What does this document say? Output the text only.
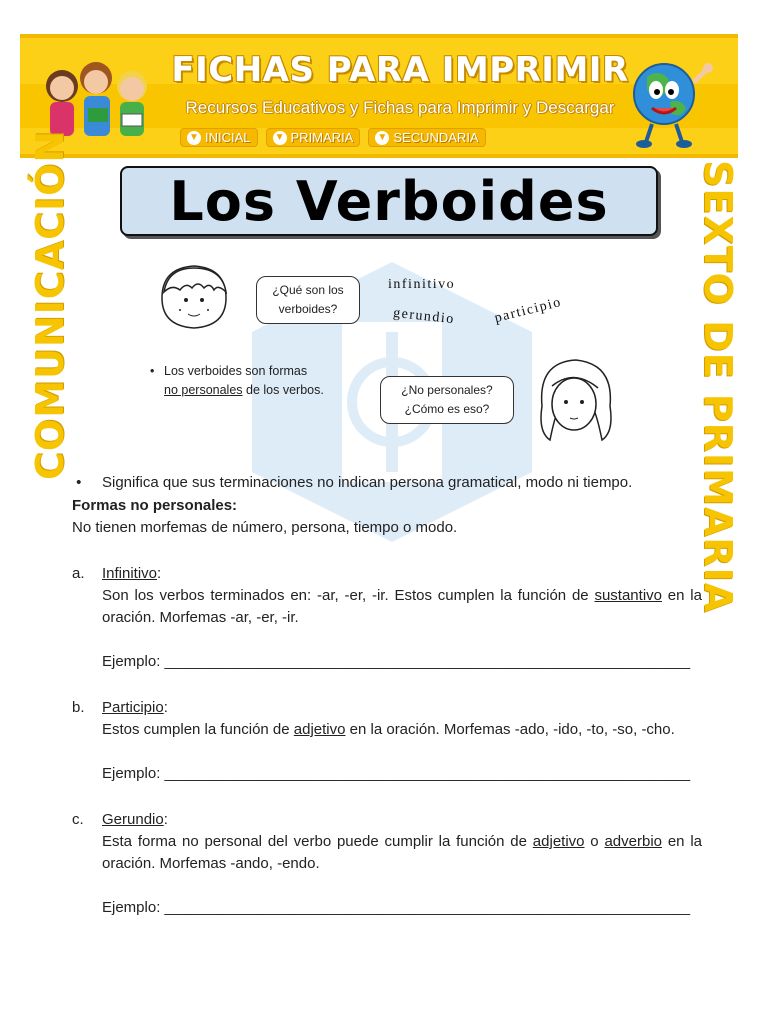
FICHAS PARA IMPRIMIR
Recursos Educativos y Fichas para Imprimir y Descargar
▼ INICIAL ▼ PRIMARIA ▼ SECUNDARIA
COMUNICACIÓN	SEXTO DE PRIMARIA
Los Verboides
¿Qué son los
verboides?
infinitivo
gerundio	participio
• Los verboides son formas
no personales de los verbos.	¿No personales?
¿Cómo es eso?
•	Significa que sus terminaciones no indican persona gramatical, modo ni tiempo.
Formas no personales:
No tienen morfemas de número, persona, tiempo o modo.
a. Infinitivo:
Son los verbos terminados en: -ar, -er, -ir. Estos cumplen la función de sustantivo en la oración. Morfemas -ar, -er, -ir.
Ejemplo: _______________________________________________________________
b. Participio:
Estos cumplen la función de adjetivo en la oración. Morfemas -ado, -ido, -to, -so, -cho.
Ejemplo: _______________________________________________________________
c. Gerundio:
Esta forma no personal del verbo puede cumplir la función de adjetivo o adverbio en la oración. Morfemas -ando, -endo.
Ejemplo: _______________________________________________________________
